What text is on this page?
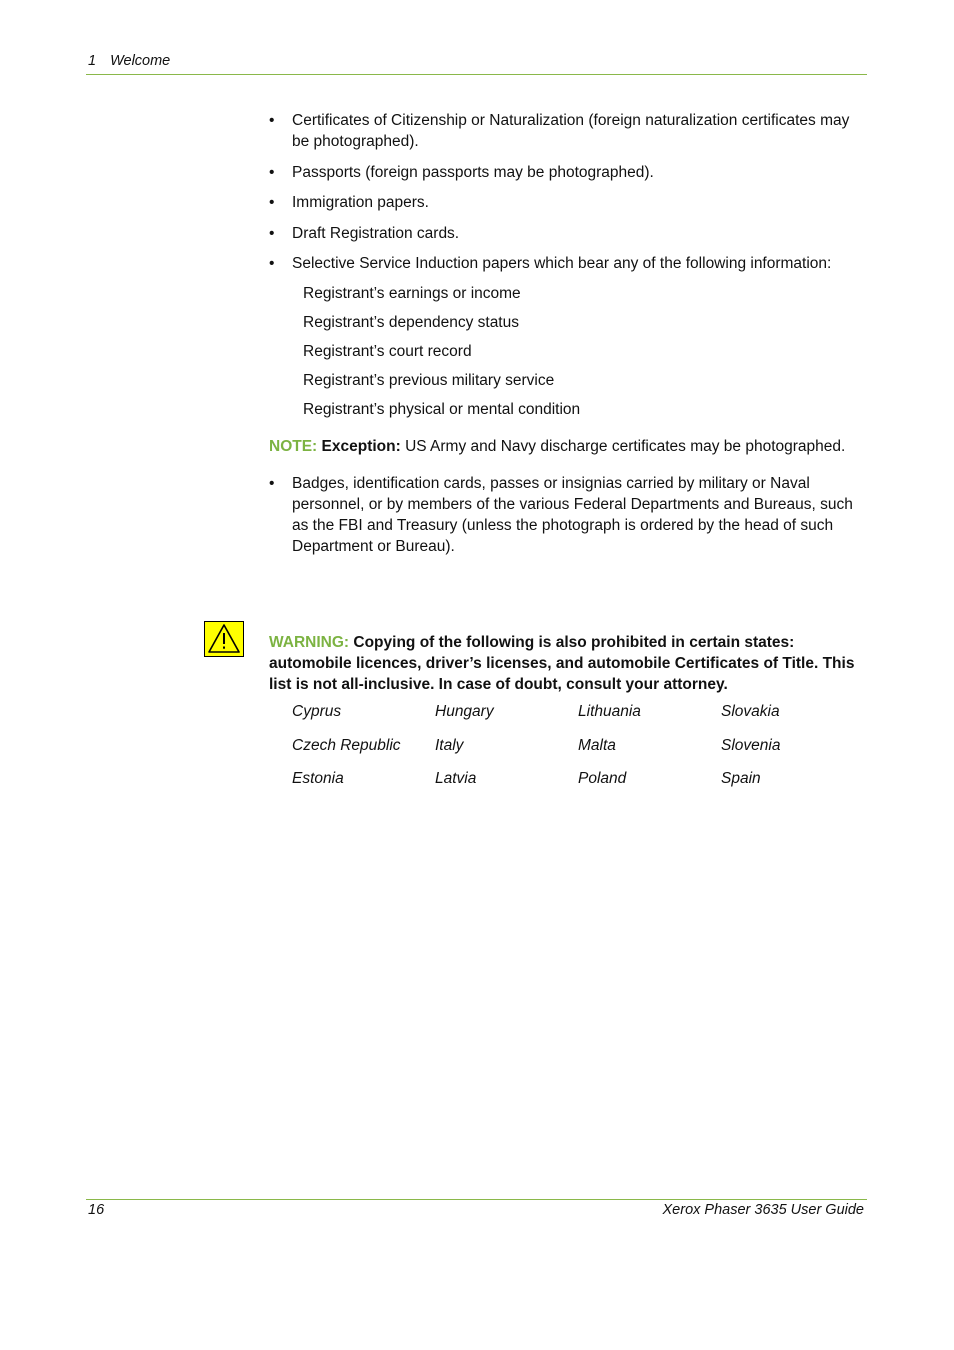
1 Welcome
• Certificates of Citizenship or Naturalization (foreign naturalization certificates may be photographed).
• Passports (foreign passports may be photographed).
• Immigration papers.
• Draft Registration cards.
• Selective Service Induction papers which bear any of the following information:
Registrant’s earnings or income
Registrant’s dependency status
Registrant’s court record
Registrant’s previous military service
Registrant’s physical or mental condition

NOTE: Exception: US Army and Navy discharge certificates may be photographed.

• Badges, identification cards, passes or insignias carried by military or Naval personnel, or by members of the various Federal Departments and Bureaus, such as the FBI and Treasury (unless the photograph is ordered by the head of such Department or Bureau).

WARNING: Copying of the following is also prohibited in certain states: automobile licences, driver’s licenses, and automobile Certificates of Title. This list is not all-inclusive. In case of doubt, consult your attorney.

Cyprus	Hungary	Lithuania	Slovakia
Czech Republic	Italy	Malta	Slovenia
Estonia	Latvia	Poland	Spain
16	Xerox Phaser 3635 User Guide
